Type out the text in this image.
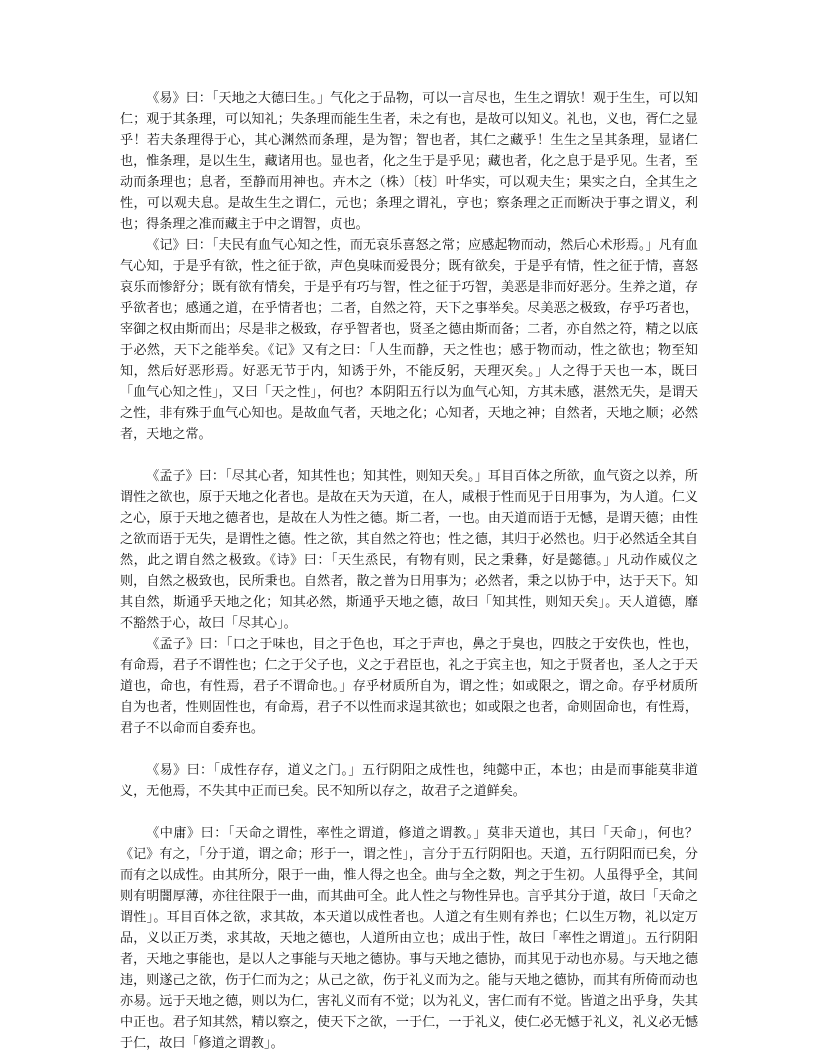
《易》曰：「天地之大德曰生。」气化之于品物，可以一言尽也，生生之谓欤！观于生生，可以知仁；观于其条理，可以知礼；失条理而能生生者，未之有也，是故可以知义。礼也，义也，胥仁之显乎！若夫条理得于心，其心渊然而条理，是为智；智也者，其仁之藏乎！生生之呈其条理，显诸仁也，惟条理，是以生生，藏诸用也。显也者，化之生于是乎见；藏也者，化之息于是乎见。生者，至动而条理也；息者，至静而用神也。卉木之（株）〔枝〕叶华实，可以观夫生；果实之白，全其生之性，可以观夫息。是故生生之谓仁，元也；条理之谓礼，亨也；察条理之正而断决于事之谓义，利也；得条理之准而藏主于中之谓智，贞也。

《记》曰：「夫民有血气心知之性，而无哀乐喜怒之常；应感起物而动，然后心术形焉。」凡有血气心知，于是乎有欲，性之征于欲，声色臭味而爱畏分；既有欲矣，于是乎有情，性之征于情，喜怒哀乐而惨舒分；既有欲有情矣，于是乎有巧与智，性之征于巧智，美恶是非而好恶分。生养之道，存乎欲者也；感通之道，在乎情者也；二者，自然之符，天下之事举矣。尽美恶之极致，存乎巧者也，宰御之权由斯而出；尽是非之极致，存乎智者也，贤圣之德由斯而备；二者，亦自然之符，精之以底于必然，天下之能举矣。《记》又有之曰：「人生而静，天之性也；感于物而动，性之欲也；物至知知，然后好恶形焉。好恶无节于内，知诱于外，不能反躬，天理灭矣。」人之得于天也一本，既曰「血气心知之性」，又曰「天之性」，何也？本阴阳五行以为血气心知，方其未感，湛然无失，是谓天之性，非有殊于血气心知也。是故血气者，天地之化；心知者，天地之神；自然者，天地之顺；必然者，天地之常。

《孟子》曰：「尽其心者，知其性也；知其性，则知天矣。」耳目百体之所欲，血气资之以养，所谓性之欲也，原于天地之化者也。是故在天为天道，在人，咸根于性而见于日用事为，为人道。仁义之心，原于天地之德者也，是故在人为性之德。斯二者，一也。由天道而语于无憾，是谓天德；由性之欲而语于无失，是谓性之德。性之欲，其自然之符也；性之德，其归于必然也。归于必然适全其自然，此之谓自然之极致。《诗》曰：「天生烝民，有物有则，民之秉彝，好是懿德。」凡动作威仪之则，自然之极致也，民所秉也。自然者，散之普为日用事为；必然者，秉之以协于中，达于天下。知其自然，斯通乎天地之化；知其必然，斯通乎天地之德，故曰「知其性，则知天矣」。天人道德，靡不豁然于心，故曰「尽其心」。

《孟子》曰：「口之于味也，目之于色也，耳之于声也，鼻之于臭也，四肢之于安佚也，性也，有命焉，君子不谓性也；仁之于父子也，义之于君臣也，礼之于宾主也，知之于贤者也，圣人之于天道也，命也，有性焉，君子不谓命也。」存乎材质所自为，谓之性；如或限之，谓之命。存乎材质所自为也者，性则固性也，有命焉，君子不以性而求逞其欲也；如或限之也者，命则固命也，有性焉，君子不以命而自委弃也。

《易》曰：「成性存存，道义之门。」五行阴阳之成性也，纯懿中正，本也；由是而事能莫非道义，无他焉，不失其中正而已矣。民不知所以存之，故君子之道鲜矣。

《中庸》曰：「天命之谓性，率性之谓道，修道之谓教。」莫非天道也，其曰「天命」，何也？《记》有之，「分于道，谓之命；形于一，谓之性」，言分于五行阴阳也。天道，五行阴阳而已矣，分而有之以成性。由其所分，限于一曲，惟人得之也全。曲与全之数，判之于生初。人虽得乎全，其间则有明闇厚薄，亦往往限于一曲，而其曲可全。此人性之与物性异也。言乎其分于道，故曰「天命之谓性」。耳目百体之欲，求其故，本天道以成性者也。人道之有生则有养也；仁以生万物，礼以定万品，义以正万类，求其故，天地之德也，人道所由立也；成出于性，故曰「率性之谓道」。五行阴阳者，天地之事能也，是以人之事能与天地之德协。事与天地之德协，而其见于动也亦易。与天地之德违，则遂己之欲，伤于仁而为之；从己之欲，伤于礼义而为之。能与天地之德协，而其有所倚而动也亦易。远于天地之德，则以为仁，害礼义而有不觉；以为礼义，害仁而有不觉。皆道之出乎身，失其中正也。君子知其然，精以察之，使天下之欲，一于仁，一于礼义，使仁必无憾于礼义，礼义必无憾于仁，故曰「修道之谓教」。
